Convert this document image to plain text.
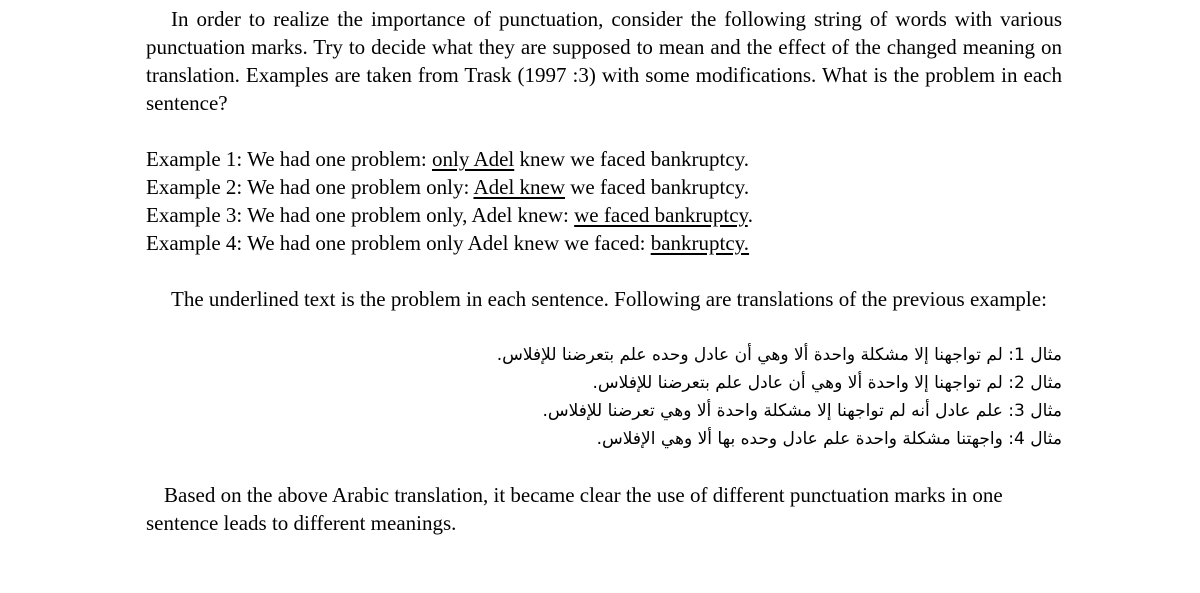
In order to realize the importance of punctuation, consider the following string of words with various punctuation marks. Try to decide what they are supposed to mean and the effect of the changed meaning on translation. Examples are taken from Trask (1997 :3) with some modifications. What is the problem in each sentence?

Example 1: We had one problem: only Adel knew we faced bankruptcy.
Example 2: We had one problem only: Adel knew we faced bankruptcy.
Example 3: We had one problem only, Adel knew: we faced bankruptcy.
Example 4: We had one problem only Adel knew we faced: bankruptcy.

The underlined text is the problem in each sentence. Following are translations of the previous example:

مثال 1: لم تواجهنا إلا مشكلة واحدة ألا وهي أن عادل وحده علم بتعرضنا للإفلاس.
مثال 2: لم تواجهنا إلا واحدة ألا وهي أن عادل علم بتعرضنا للإفلاس.
مثال 3: علم عادل أنه لم تواجهنا إلا مشكلة واحدة ألا وهي تعرضنا للإفلاس.
مثال 4: واجهتنا مشكلة واحدة علم عادل وحده بها ألا وهي الإفلاس.

Based on the above Arabic translation, it became clear the use of different punctuation marks in one sentence leads to different meanings.
